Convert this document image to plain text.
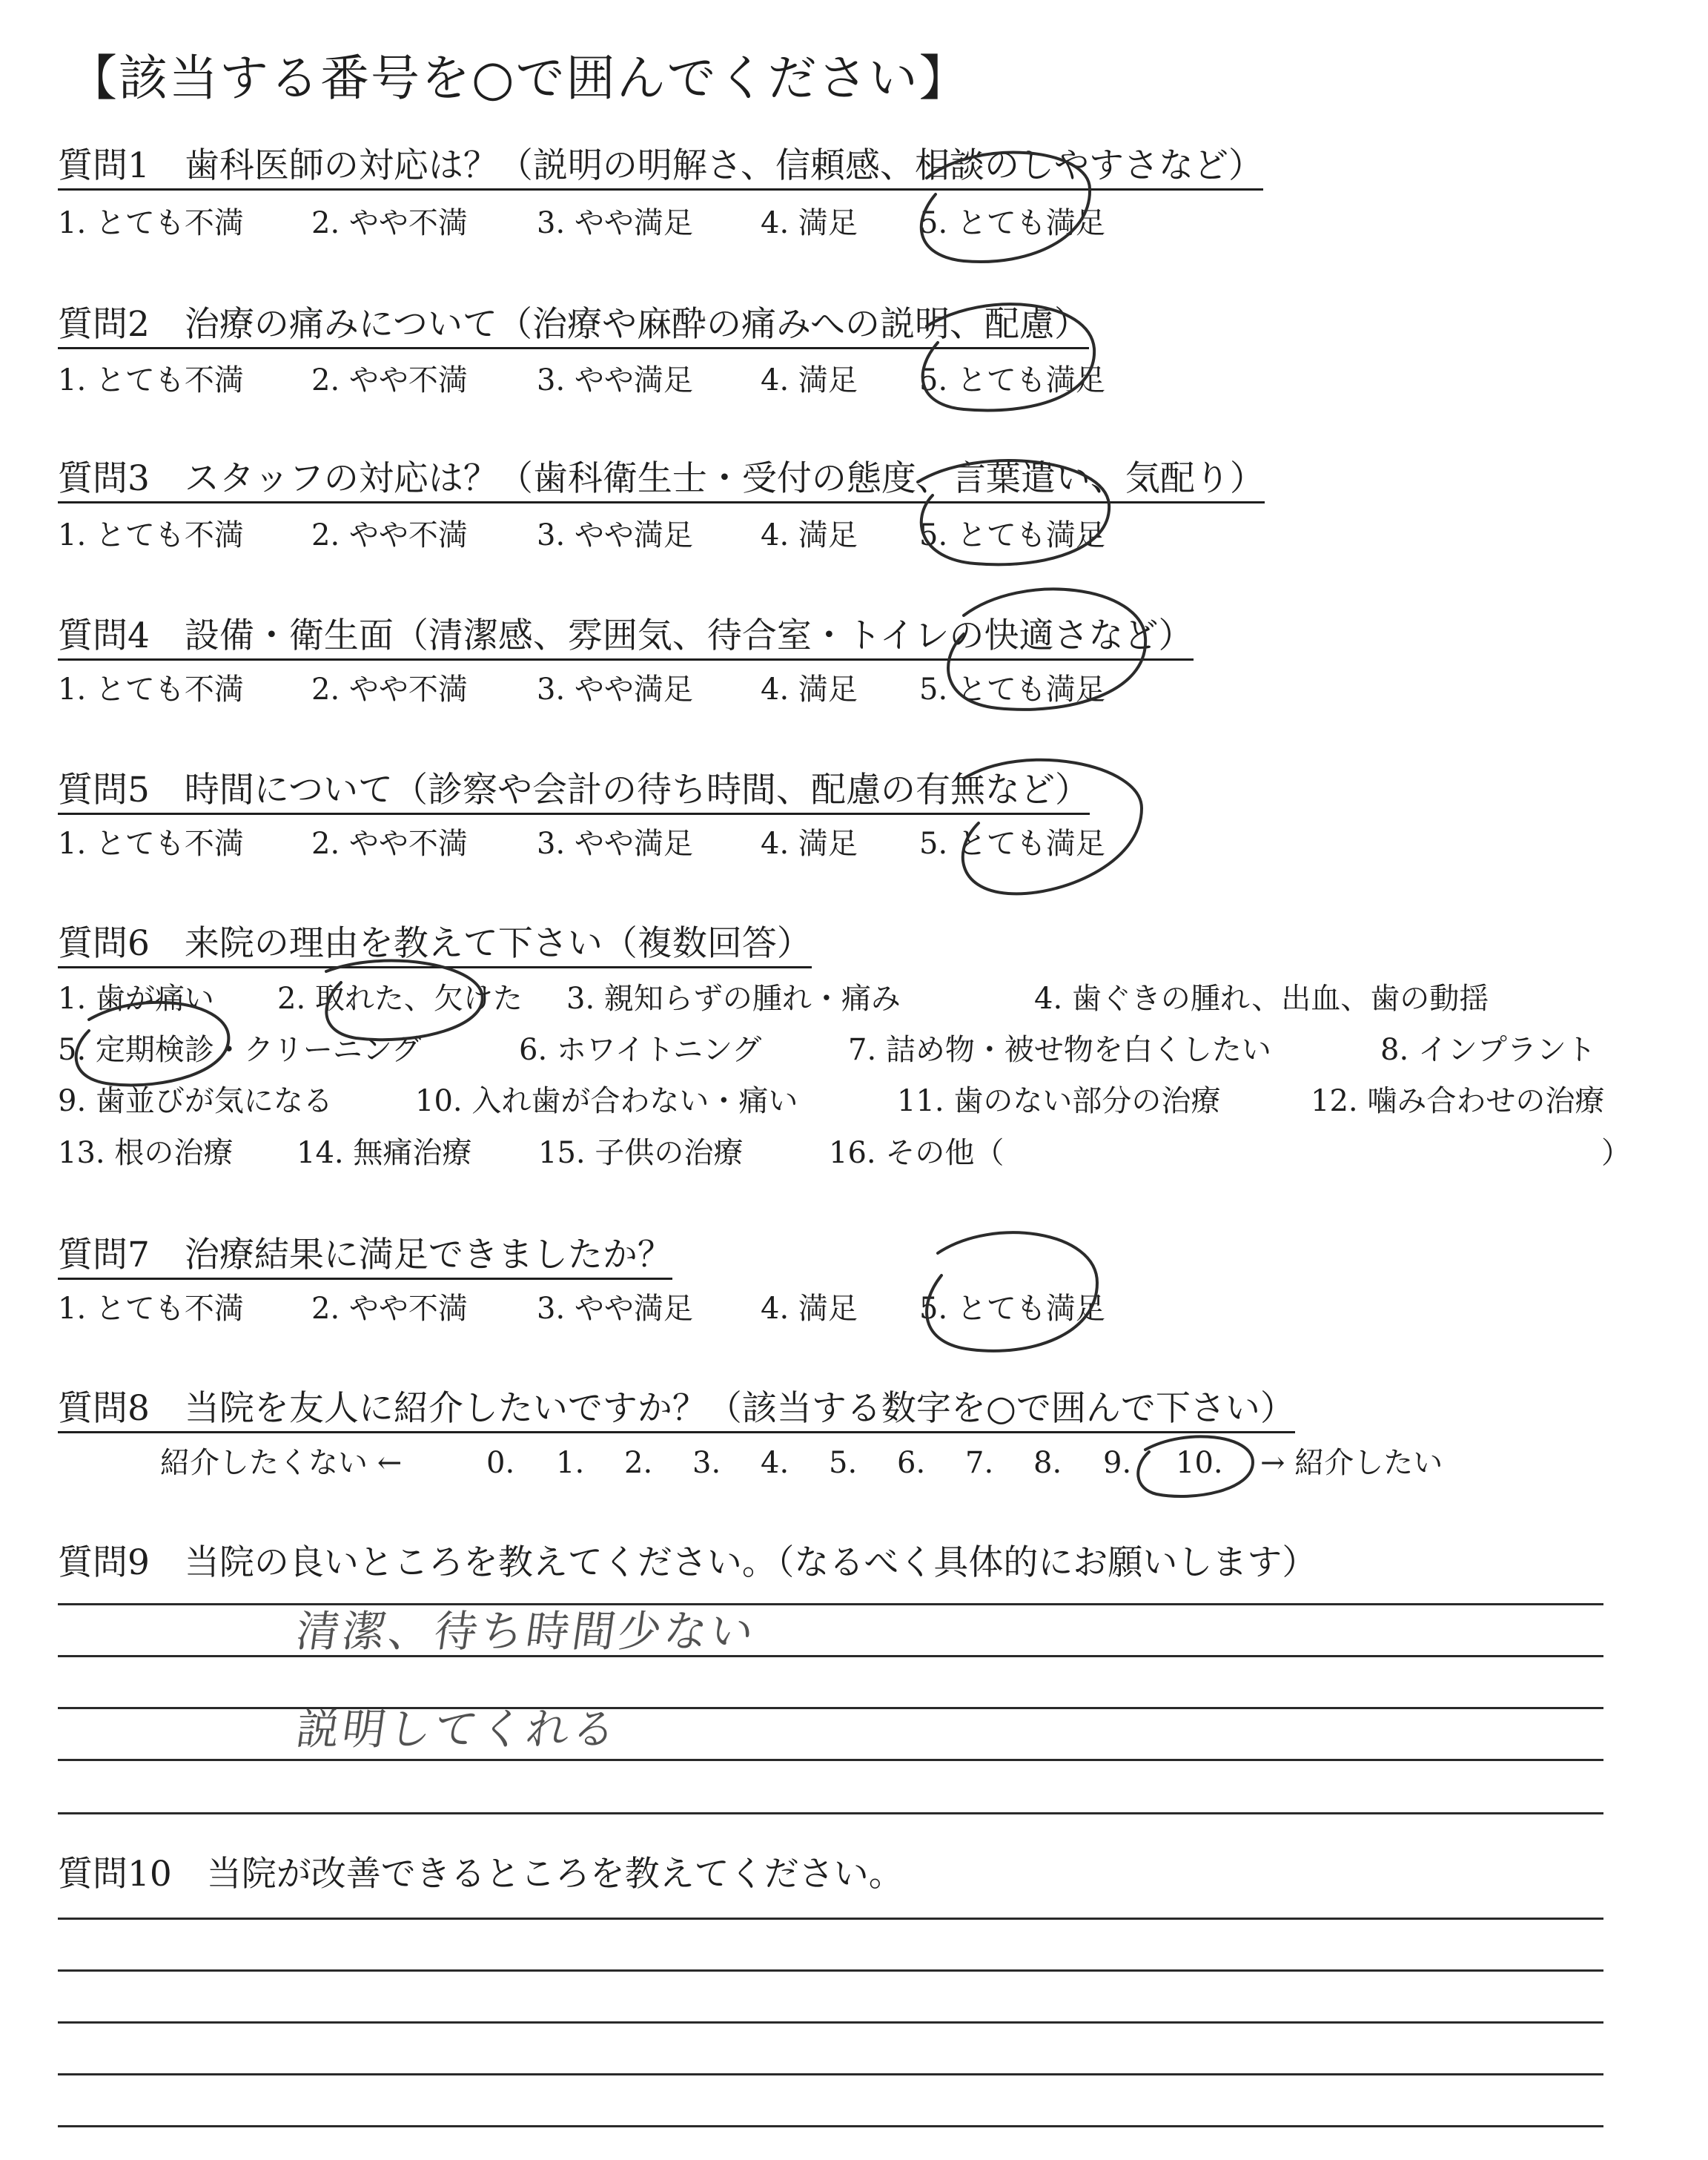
【該当する番号を○で囲んでください】
質問1　歯科医師の対応は？（説明の明解さ、信頼感、相談のしやすさなど）
1. とても不満 2. やや不満 3. やや満足 4. 満足 5. とても満足
質問2　治療の痛みについて（治療や麻酔の痛みへの説明、配慮）
1. とても不満 2. やや不満 3. やや満足 4. 満足 5. とても満足
質問3　スタッフの対応は？（歯科衛生士・受付の態度、言葉遣い、気配り）
1. とても不満 2. やや不満 3. やや満足 4. 満足 5. とても満足
質問4　設備・衛生面（清潔感、雰囲気、待合室・トイレの快適さなど）
1. とても不満 2. やや不満 3. やや満足 4. 満足 5. とても満足
質問5　時間について（診察や会計の待ち時間、配慮の有無など）
1. とても不満 2. やや不満 3. やや満足 4. 満足 5. とても満足
質問6　来院の理由を教えて下さい（複数回答）
1. 歯が痛い 2. 取れた、欠けた 3. 親知らずの腫れ・痛み	4. 歯ぐきの腫れ、出血、歯の動揺
5. 定期検診・クリーニング	6. ホワイトニング	7. 詰め物・被せ物を白くしたい	8. インプラント
9. 歯並びが気になる	10. 入れ歯が合わない・痛い	11. 歯のない部分の治療	12. 噛み合わせの治療
13. 根の治療 14. 無痛治療 15. 子供の治療	16. その他（	）
質問7　治療結果に満足できましたか？
1. とても不満 2. やや不満 3. やや満足 4. 満足 5. とても満足
質問8　当院を友人に紹介したいですか？（該当する数字を○で囲んで下さい）
紹介したくない ←	0. 1. 2. 3. 4. 5. 6. 7. 8. 9. 10. → 紹介したい
質問9　当院の良いところを教えてください。（なるべく具体的にお願いします）
清潔、待ち時間少ない
説明してくれる
質問10　当院が改善できるところを教えてください。
